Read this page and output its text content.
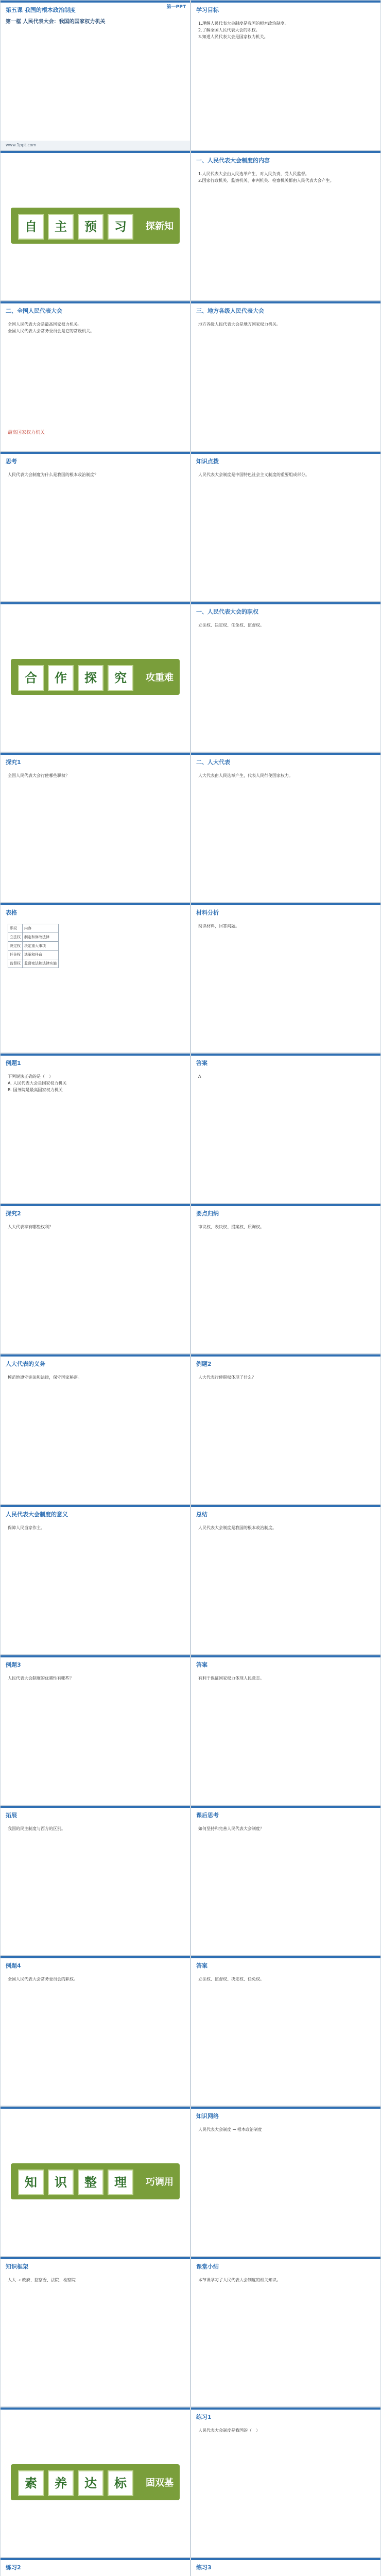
第五课 我国的根本政治制度
第一框 人民代表大会：我国的国家权力机关
www.1ppt.com
第一PPT 学习目标
1.理解人民代表大会制度是我国的根本政治制度。
2.了解全国人民代表大会的职权。
3.知道人民代表大会是国家权力机关。
自	主	预	习	探新知
一、人民代表大会制度的内容
1.人民代表大会由人民选举产生，对人民负责，受人民监督。
2.国家行政机关、监察机关、审判机关、检察机关都由人民代表大会产生。
二、全国人民代表大会
全国人民代表大会是最高国家权力机关。
全国人民代表大会常务委员会是它的常设机关。
最高国家权力机关
三、地方各级人民代表大会
地方各级人民代表大会是地方国家权力机关。
思考
人民代表大会制度为什么是我国的根本政治制度？
知识点拨
人民代表大会制度是中国特色社会主义制度的重要组成部分。
合	作	探	究	攻重难
一、人民代表大会的职权
立法权、决定权、任免权、监督权。
探究1
全国人民代表大会行使哪些职权？
二、人大代表
人大代表由人民选举产生，代表人民行使国家权力。
表格
职权	内容
立法权	制定和修改法律
决定权	决定重大事项
任免权	选举和任命
监督权	监督宪法和法律实施
材料分析
阅读材料，回答问题。
例题1
下列说法正确的是（　）
A. 人民代表大会是国家权力机关
B. 国务院是最高国家权力机关
答案
A
探究2
人大代表享有哪些权利？
要点归纳
审议权、表决权、提案权、质询权。
人大代表的义务
模范地遵守宪法和法律，保守国家秘密。
例题2
人大代表行使职权体现了什么？
人民代表大会制度的意义
保障人民当家作主。
总结
人民代表大会制度是我国的根本政治制度。
例题3
人民代表大会制度的优越性有哪些？
答案
有利于保证国家权力体现人民意志。
拓展
我国的民主制度与西方的区别。
课后思考
如何坚持和完善人民代表大会制度？
例题4
全国人民代表大会常务委员会的职权。
答案
立法权、监督权、决定权、任免权。
知	识	整	理	巧调用
知识网络
人民代表大会制度 → 根本政治制度
知识框架
人大 → 政府、监察委、法院、检察院
课堂小结
本节课学习了人民代表大会制度的相关知识。
素	养	达	标	固双基
练习1
人民代表大会制度是我国的（　）
练习2	练习3
